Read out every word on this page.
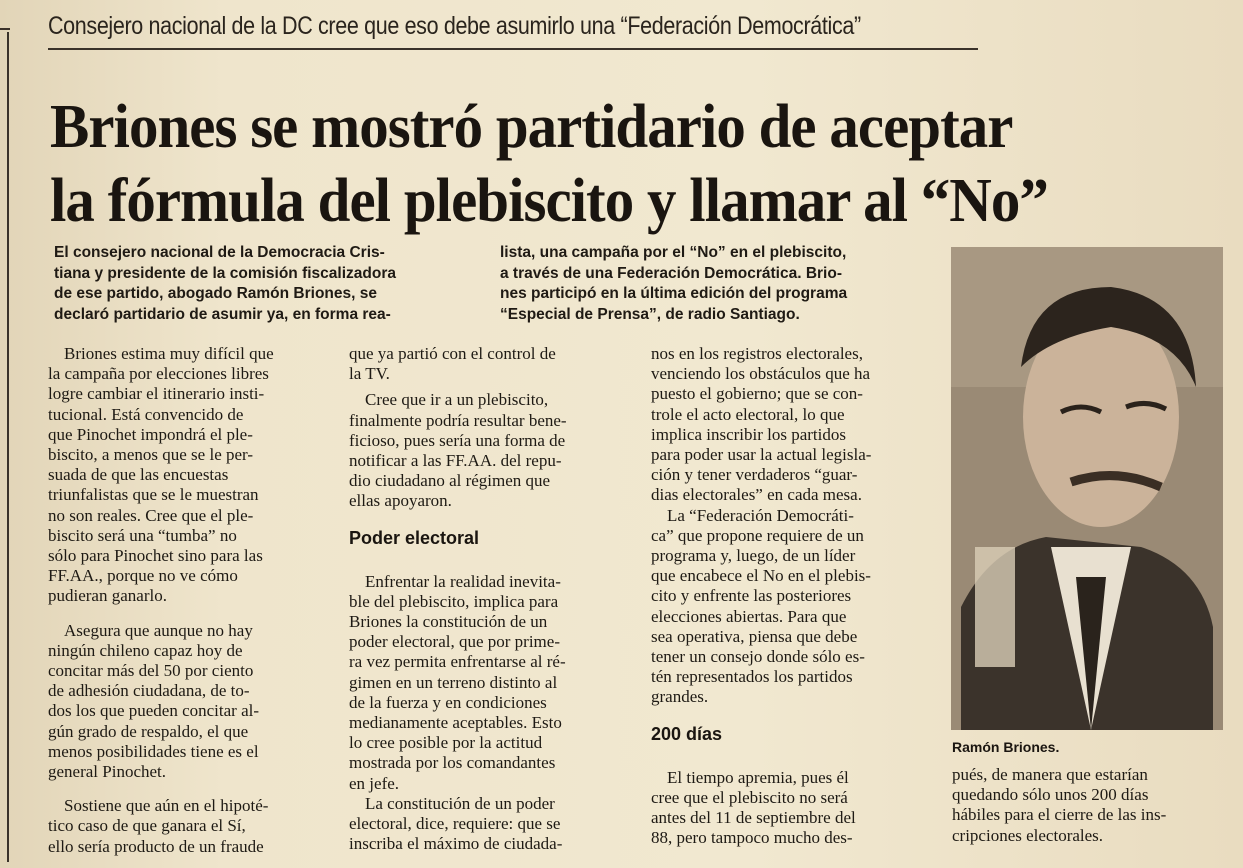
Consejero nacional de la DC cree que eso debe asumirlo una “Federación Democrática”
Briones se mostró partidario de aceptar
la fórmula del plebiscito y llamar al “No”
El consejero nacional de la Democracia Cris-
tiana y presidente de la comisión fiscalizadora
de ese partido, abogado Ramón Briones, se
declaró partidario de asumir ya, en forma rea-
lista, una campaña por el “No” en el plebiscito,
a través de una Federación Democrática. Brio-
nes participó en la última edición del programa
“Especial de Prensa”, de radio Santiago.
Briones estima muy difícil que
la campaña por elecciones libres
logre cambiar el itinerario insti-
tucional. Está convencido de
que Pinochet impondrá el ple-
biscito, a menos que se le per-
suada de que las encuestas
triunfalistas que se le muestran
no son reales. Cree que el ple-
biscito será una “tumba” no
sólo para Pinochet sino para las
FF.AA., porque no ve cómo
pudieran ganarlo.
Asegura que aunque no hay
ningún chileno capaz hoy de
concitar más del 50 por ciento
de adhesión ciudadana, de to-
dos los que pueden concitar al-
gún grado de respaldo, el que
menos posibilidades tiene es el
general Pinochet.
Sostiene que aún en el hipoté-
tico caso de que ganara el Sí,
ello sería producto de un fraude
que ya partió con el control de
la TV.
Cree que ir a un plebiscito,
finalmente podría resultar bene-
ficioso, pues sería una forma de
notificar a las FF.AA. del repu-
dio ciudadano al régimen que
ellas apoyaron.
Poder electoral
Enfrentar la realidad inevita-
ble del plebiscito, implica para
Briones la constitución de un
poder electoral, que por prime-
ra vez permita enfrentarse al ré-
gimen en un terreno distinto al
de la fuerza y en condiciones
medianamente aceptables. Esto
lo cree posible por la actitud
mostrada por los comandantes
en jefe.
La constitución de un poder
electoral, dice, requiere: que se
inscriba el máximo de ciudada-
nos en los registros electorales,
venciendo los obstáculos que ha
puesto el gobierno; que se con-
trole el acto electoral, lo que
implica inscribir los partidos
para poder usar la actual legisla-
ción y tener verdaderos “guar-
dias electorales” en cada mesa.
La “Federación Democráti-
ca” que propone requiere de un
programa y, luego, de un líder
que encabece el No en el plebis-
cito y enfrente las posteriores
elecciones abiertas. Para que
sea operativa, piensa que debe
tener un consejo donde sólo es-
tén representados los partidos
grandes.
200 días
El tiempo apremia, pues él
cree que el plebiscito no será
antes del 11 de septiembre del
88, pero tampoco mucho des-
Ramón Briones.
pués, de manera que estarían
quedando sólo unos 200 días
hábiles para el cierre de las ins-
cripciones electorales.
